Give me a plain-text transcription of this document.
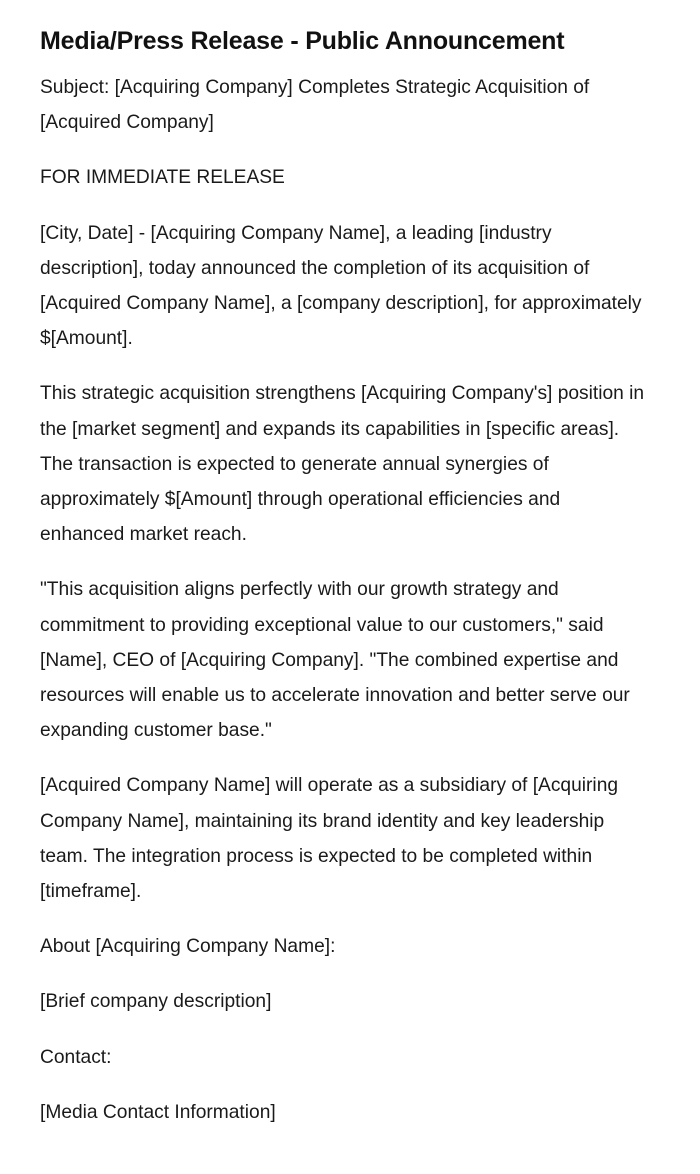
Media/Press Release - Public Announcement

Subject: [Acquiring Company] Completes Strategic Acquisition of [Acquired Company]

FOR IMMEDIATE RELEASE

[City, Date] - [Acquiring Company Name], a leading [industry description], today announced the completion of its acquisition of [Acquired Company Name], a [company description], for approximately $[Amount].

This strategic acquisition strengthens [Acquiring Company's] position in the [market segment] and expands its capabilities in [specific areas]. The transaction is expected to generate annual synergies of approximately $[Amount] through operational efficiencies and enhanced market reach.

"This acquisition aligns perfectly with our growth strategy and commitment to providing exceptional value to our customers," said [Name], CEO of [Acquiring Company]. "The combined expertise and resources will enable us to accelerate innovation and better serve our expanding customer base."

[Acquired Company Name] will operate as a subsidiary of [Acquiring Company Name], maintaining its brand identity and key leadership team. The integration process is expected to be completed within [timeframe].

About [Acquiring Company Name]:

[Brief company description]

Contact:

[Media Contact Information]
